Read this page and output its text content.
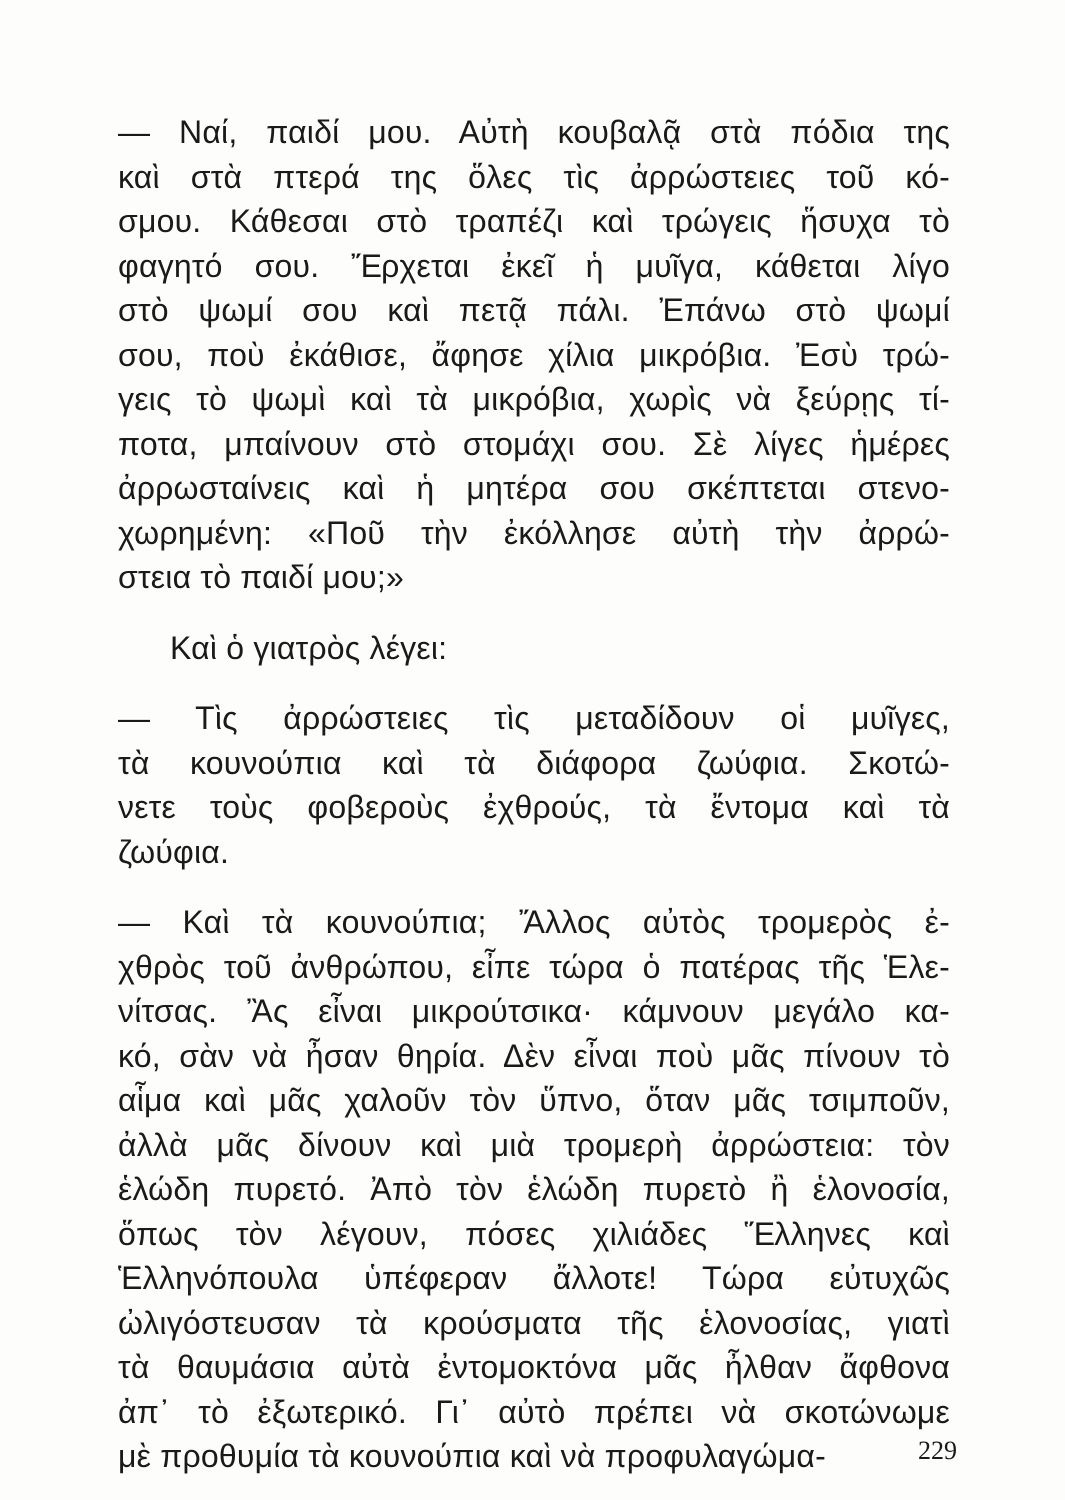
— Ναί, παιδί μου. Αὐτὴ κουβαλᾷ στὰ πόδια της
καὶ στὰ πτερά της ὅλες τὶς ἀρρώστειες τοῦ κό-
σμου. Κάθεσαι στὸ τραπέζι καὶ τρώγεις ἥσυχα τὸ
φαγητό σου. Ἔρχεται ἐκεῖ ἡ μυῖγα, κάθεται λίγο
στὸ ψωμί σου καὶ πετᾷ πάλι. Ἐπάνω στὸ ψωμί
σου, ποὺ ἐκάθισε, ἄφησε χίλια μικρόβια. Ἐσὺ τρώ-
γεις τὸ ψωμὶ καὶ τὰ μικρόβια, χωρὶς νὰ ξεύρῃς τί-
ποτα, μπαίνουν στὸ στομάχι σου. Σὲ λίγες ἡμέρες
ἀρρωσταίνεις καὶ ἡ μητέρα σου σκέπτεται στενο-
χωρημένη: «Ποῦ τὴν ἐκόλλησε αὐτὴ τὴν ἀρρώ-
στεια τὸ παιδί μου;»
Καὶ ὁ γιατρὸς λέγει:
— Τὶς ἀρρώστειες τὶς μεταδίδουν οἱ μυῖγες,
τὰ κουνούπια καὶ τὰ διάφορα ζωύφια. Σκοτώ-
νετε τοὺς φοβεροὺς ἐχθρούς, τὰ ἔντομα καὶ τὰ
ζωύφια.
— Καὶ τὰ κουνούπια; Ἄλλος αὐτὸς τρομερὸς ἐ-
χθρὸς τοῦ ἀνθρώπου, εἶπε τώρα ὁ πατέρας τῆς Ἑλε-
νίτσας. Ἂς εἶναι μικρούτσικα· κάμνουν μεγάλο κα-
κό, σὰν νὰ ἦσαν θηρία. Δὲν εἶναι ποὺ μᾶς πίνουν τὸ
αἷμα καὶ μᾶς χαλοῦν τὸν ὕπνο, ὅταν μᾶς τσιμποῦν,
ἀλλὰ μᾶς δίνουν καὶ μιὰ τρομερὴ ἀρρώστεια: τὸν
ἑλώδη πυρετό. Ἀπὸ τὸν ἑλώδη πυρετὸ ἢ ἑλονοσία,
ὅπως τὸν λέγουν, πόσες χιλιάδες Ἕλληνες καὶ
Ἑλληνόπουλα ὑπέφεραν ἄλλοτε! Τώρα εὐτυχῶς
ὠλιγόστευσαν τὰ κρούσματα τῆς ἑλονοσίας, γιατὶ
τὰ θαυμάσια αὐτὰ ἐντομοκτόνα μᾶς ἦλθαν ἄφθονα
ἀπ᾽ τὸ ἐξωτερικό. Γι᾽ αὐτὸ πρέπει νὰ σκοτώνωμε
μὲ προθυμία τὰ κουνούπια καὶ νὰ προφυλαγώμα-	229
